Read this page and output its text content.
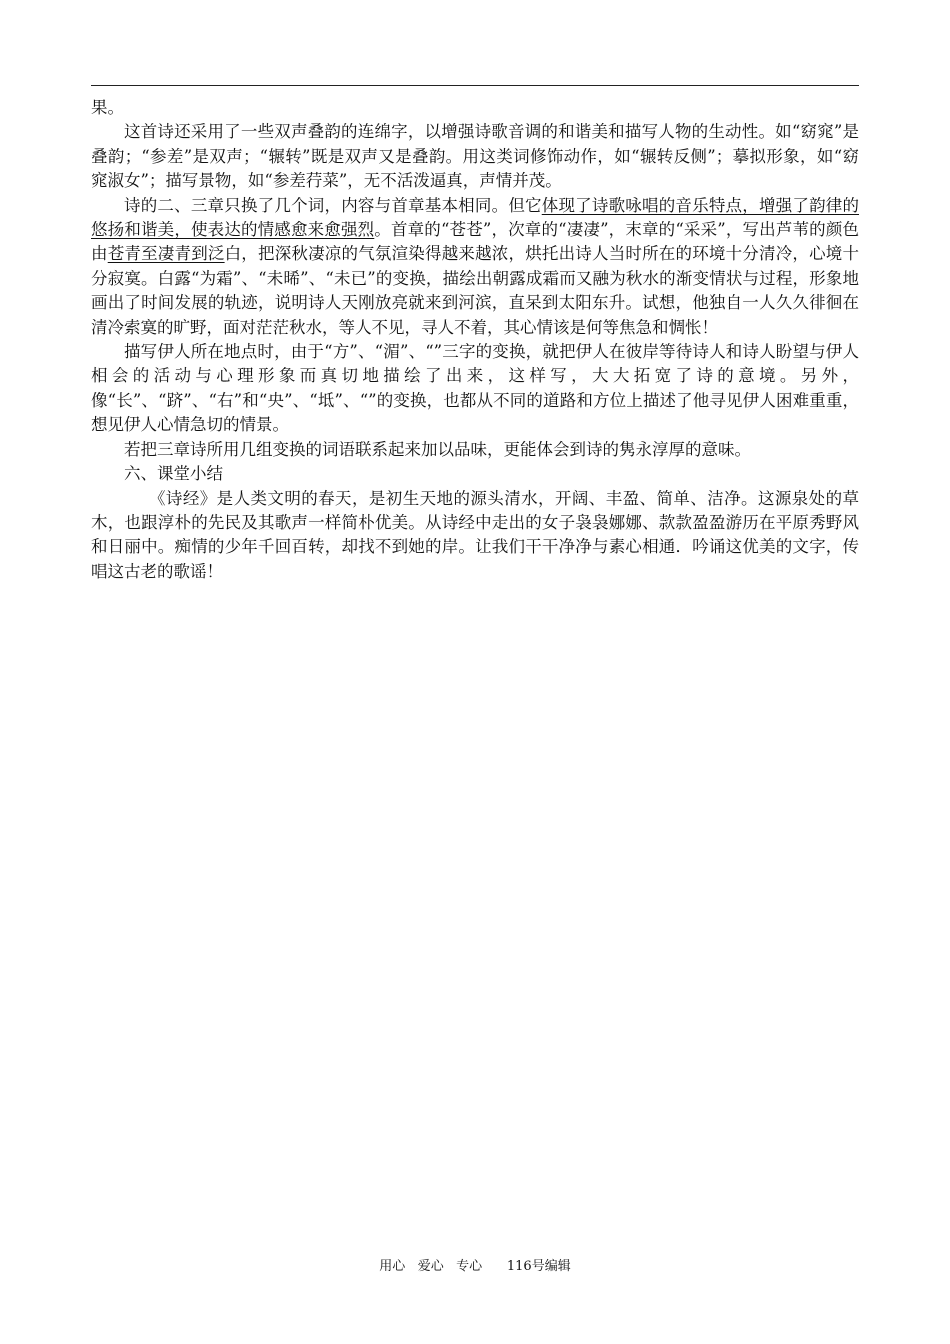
果。

这首诗还采用了一些双声叠韵的连绵字，以增强诗歌音调的和谐美和描写人物的生动性。如“窈窕”是叠韵；“参差”是双声；“辗转”既是双声又是叠韵。用这类词修饰动作，如“辗转反侧”；摹拟形象，如“窈窕淑女”；描写景物，如“参差荇菜”，无不活泼逼真，声情并茂。

诗的二、三章只换了几个词，内容与首章基本相同。但它体现了诗歌咏唱的音乐特点，增强了韵律的悠扬和谐美，使表达的情感愈来愈强烈。首章的“苍苍”，次章的“凄凄”，末章的“采采”，写出芦苇的颜色由苍青至凄青到泛白，把深秋凄凉的气氛渲染得越来越浓，烘托出诗人当时所在的环境十分清冷，心境十分寂寞。白露“为霜”、“未晞”、“未已”的变换，描绘出朝露成霜而又融为秋水的渐变情状与过程，形象地画出了时间发展的轨迹，说明诗人天刚放亮就来到河滨，直呆到太阳东升。试想，他独自一人久久徘徊在清冷索寞的旷野，面对茫茫秋水，等人不见，寻人不着，其心情该是何等焦急和惆怅！

描写伊人所在地点时，由于“方”、“湄”、“”三字的变换，就把伊人在彼岸等待诗人和诗人盼望与伊人相会的活动与心理形象而真切地描绘了出来，这样写，大大拓宽了诗的意境。另外，像“长”、“跻”、“右”和“央”、“坻”、“”的变换，也都从不同的道路和方位上描述了他寻见伊人困难重重，想见伊人心情急切的情景。

若把三章诗所用几组变换的词语联系起来加以品味，更能体会到诗的隽永淳厚的意味。

六、课堂小结

《诗经》是人类文明的春天，是初生天地的源头清水，开阔、丰盈、简单、洁净。这源泉处的草木，也跟淳朴的先民及其歌声一样简朴优美。从诗经中走出的女子袅袅娜娜、款款盈盈游历在平原秀野风和日丽中。痴情的少年千回百转，却找不到她的岸。让我们干干净净与素心相通．吟诵这优美的文字，传唱这古老的歌谣！

用心   爱心   专心      116号编辑
